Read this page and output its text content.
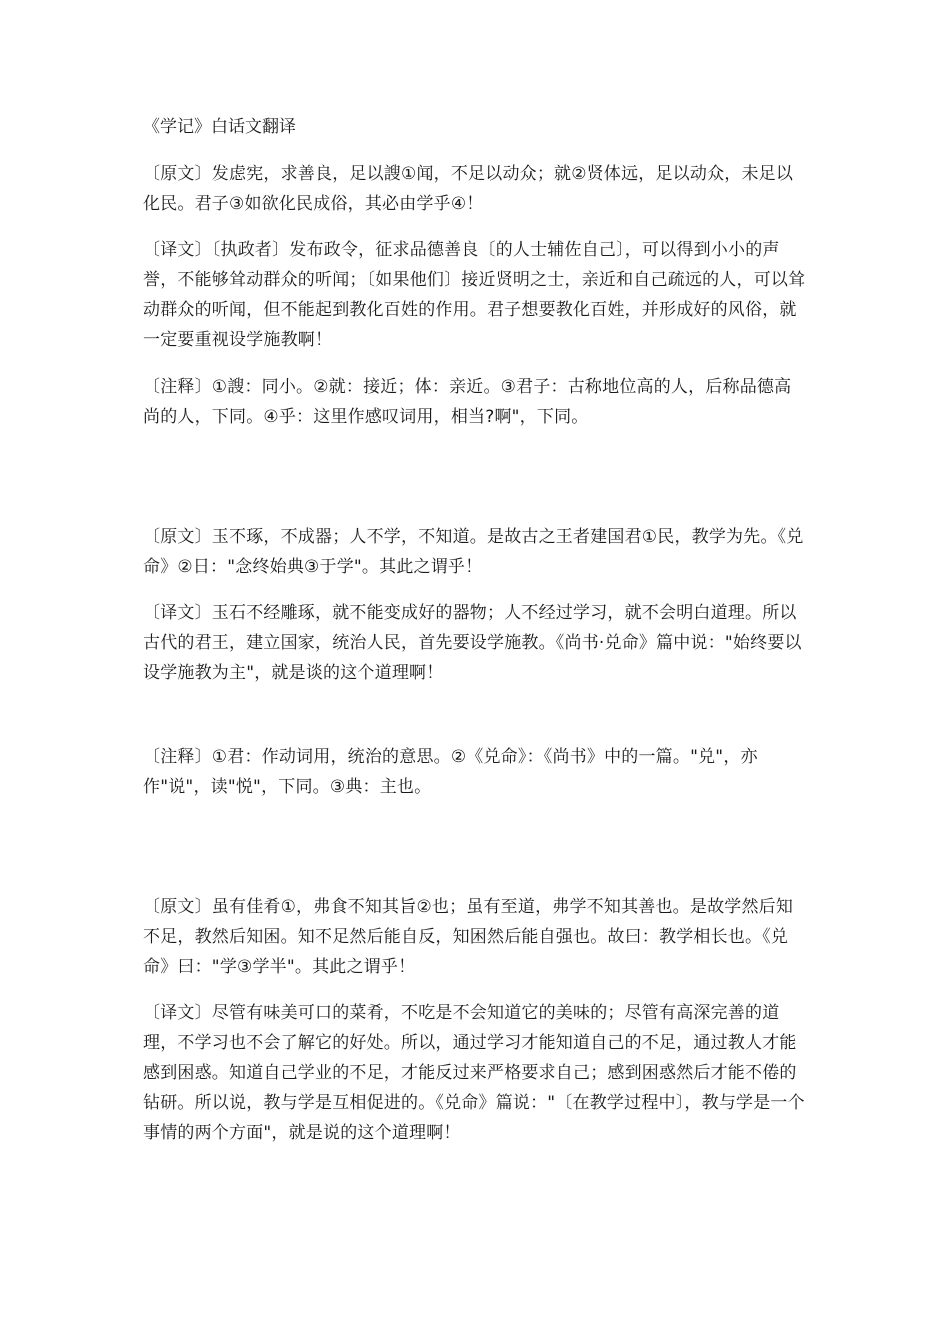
《学记》白话文翻译

〔原文〕发虑宪，求善良，足以謏①闻，不足以动众；就②贤体远，足以动众，未足以化民。君子③如欲化民成俗，其必由学乎④！

〔译文〕〔执政者〕发布政令，征求品德善良〔的人士辅佐自己〕，可以得到小小的声誉，不能够耸动群众的听闻；〔如果他们〕接近贤明之士，亲近和自己疏远的人，可以耸动群众的听闻，但不能起到教化百姓的作用。君子想要教化百姓，并形成好的风俗，就一定要重视设学施教啊！

〔注释〕①謏：同小。②就：接近；体：亲近。③君子：古称地位高的人，后称品德高尚的人，下同。④乎：这里作感叹词用，相当?啊"，下同。

〔原文〕玉不琢，不成器；人不学，不知道。是故古之王者建国君①民，教学为先。《兑命》②日："念终始典③于学"。其此之谓乎！

〔译文〕玉石不经雕琢，就不能变成好的器物；人不经过学习，就不会明白道理。所以古代的君王，建立国家，统治人民，首先要设学施教。《尚书·兑命》篇中说："始终要以设学施教为主"，就是谈的这个道理啊！

〔注释〕①君：作动词用，统治的意思。②《兑命》：《尚书》中的一篇。"兑"，亦作"说"，读"悦"，下同。③典：主也。

〔原文〕虽有佳肴①，弗食不知其旨②也；虽有至道，弗学不知其善也。是故学然后知不足，教然后知困。知不足然后能自反，知困然后能自强也。故曰：教学相长也。《兑命》曰："学③学半"。其此之谓乎！

〔译文〕尽管有味美可口的菜肴，不吃是不会知道它的美味的；尽管有高深完善的道理，不学习也不会了解它的好处。所以，通过学习才能知道自己的不足，通过教人才能感到困惑。知道自己学业的不足，才能反过来严格要求自己；感到困惑然后才能不倦的钻研。所以说，教与学是互相促进的。《兑命》篇说："〔在教学过程中〕，教与学是一个事情的两个方面"，就是说的这个道理啊！
